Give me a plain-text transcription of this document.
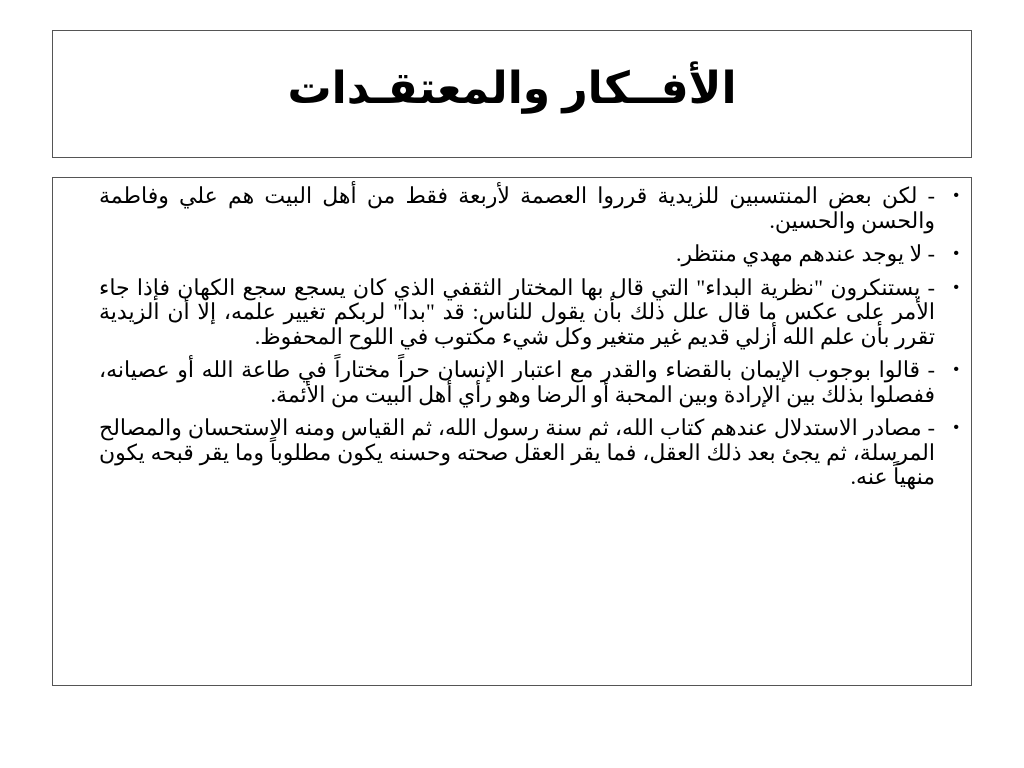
الأفــكار والمعتقـدات
•
- لكن بعض المنتسبين للزيدية قرروا العصمة لأربعة فقط من أهل البيت هم علي وفاطمة والحسن والحسين.
•
- لا يوجد عندهم مهدي منتظر.
•
- يستنكرون "نظرية البداء" التي قال بها المختار الثقفي الذي كان يسجع سجع الكهان فإذا جاء الأمر على عكس ما قال علل ذلك بأن يقول للناس: قد "بدا" لربكم تغيير علمه، إلا أن الزيدية تقرر بأن علم الله أزلي قديم غير متغير وكل شيء مكتوب في اللوح المحفوظ.
•
- قالوا بوجوب الإيمان بالقضاء والقدر مع اعتبار الإنسان حراً مختاراً في طاعة الله أو عصيانه، ففصلوا بذلك بين الإرادة وبين المحبة أو الرضا وهو رأي أهل البيت من الأئمة.
•
- مصادر الاستدلال عندهم كتاب الله، ثم سنة رسول الله، ثم القياس ومنه الاستحسان والمصالح المرسلة، ثم يجئ بعد ذلك العقل، فما يقر العقل صحته وحسنه يكون مطلوباً وما يقر قبحه يكون منهياً عنه.
